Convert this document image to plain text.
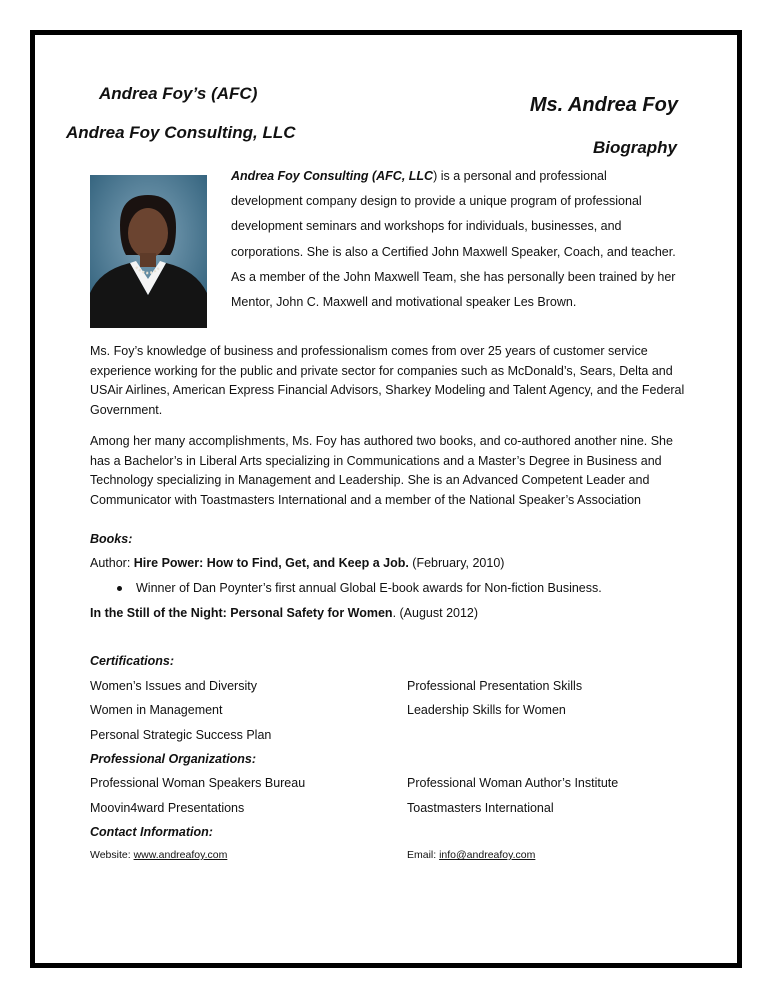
Andrea Foy’s (AFC)
Andrea Foy Consulting, LLC
Ms. Andrea Foy
Biography
Andrea Foy Consulting (AFC, LLC) is a personal and professional development company design to provide a unique program of professional development seminars and workshops for individuals, businesses, and corporations. She is also a Certified John Maxwell Speaker, Coach, and teacher. As a member of the John Maxwell Team, she has personally been trained by her Mentor, John C. Maxwell and motivational speaker Les Brown.
Ms. Foy’s knowledge of business and professionalism comes from over 25 years of customer service experience working for the public and private sector for companies such as McDonald’s, Sears, Delta and USAir Airlines, American Express Financial Advisors, Sharkey Modeling and Talent Agency, and the Federal Government.
Among her many accomplishments, Ms. Foy has authored two books, and co-authored another nine. She has a Bachelor’s in Liberal Arts specializing in Communications and a Master’s Degree in Business and Technology specializing in Management and Leadership. She is an Advanced Competent Leader and Communicator with Toastmasters International and a member of the National Speaker’s Association
Books:
Author: Hire Power: How to Find, Get, and Keep a Job. (February, 2010)
Winner of Dan Poynter’s first annual Global E-book awards for Non-fiction Business.
In the Still of the Night: Personal Safety for Women. (August 2012)
Certifications:
Women’s Issues and Diversity	Professional Presentation Skills
Women in Management	Leadership Skills for Women
Personal Strategic Success Plan
Professional Organizations:
Professional Woman Speakers Bureau	Professional Woman Author’s Institute
Moovin4ward Presentations	Toastmasters International
Contact Information:
Website: www.andreafoy.com	Email: info@andreafoy.com
